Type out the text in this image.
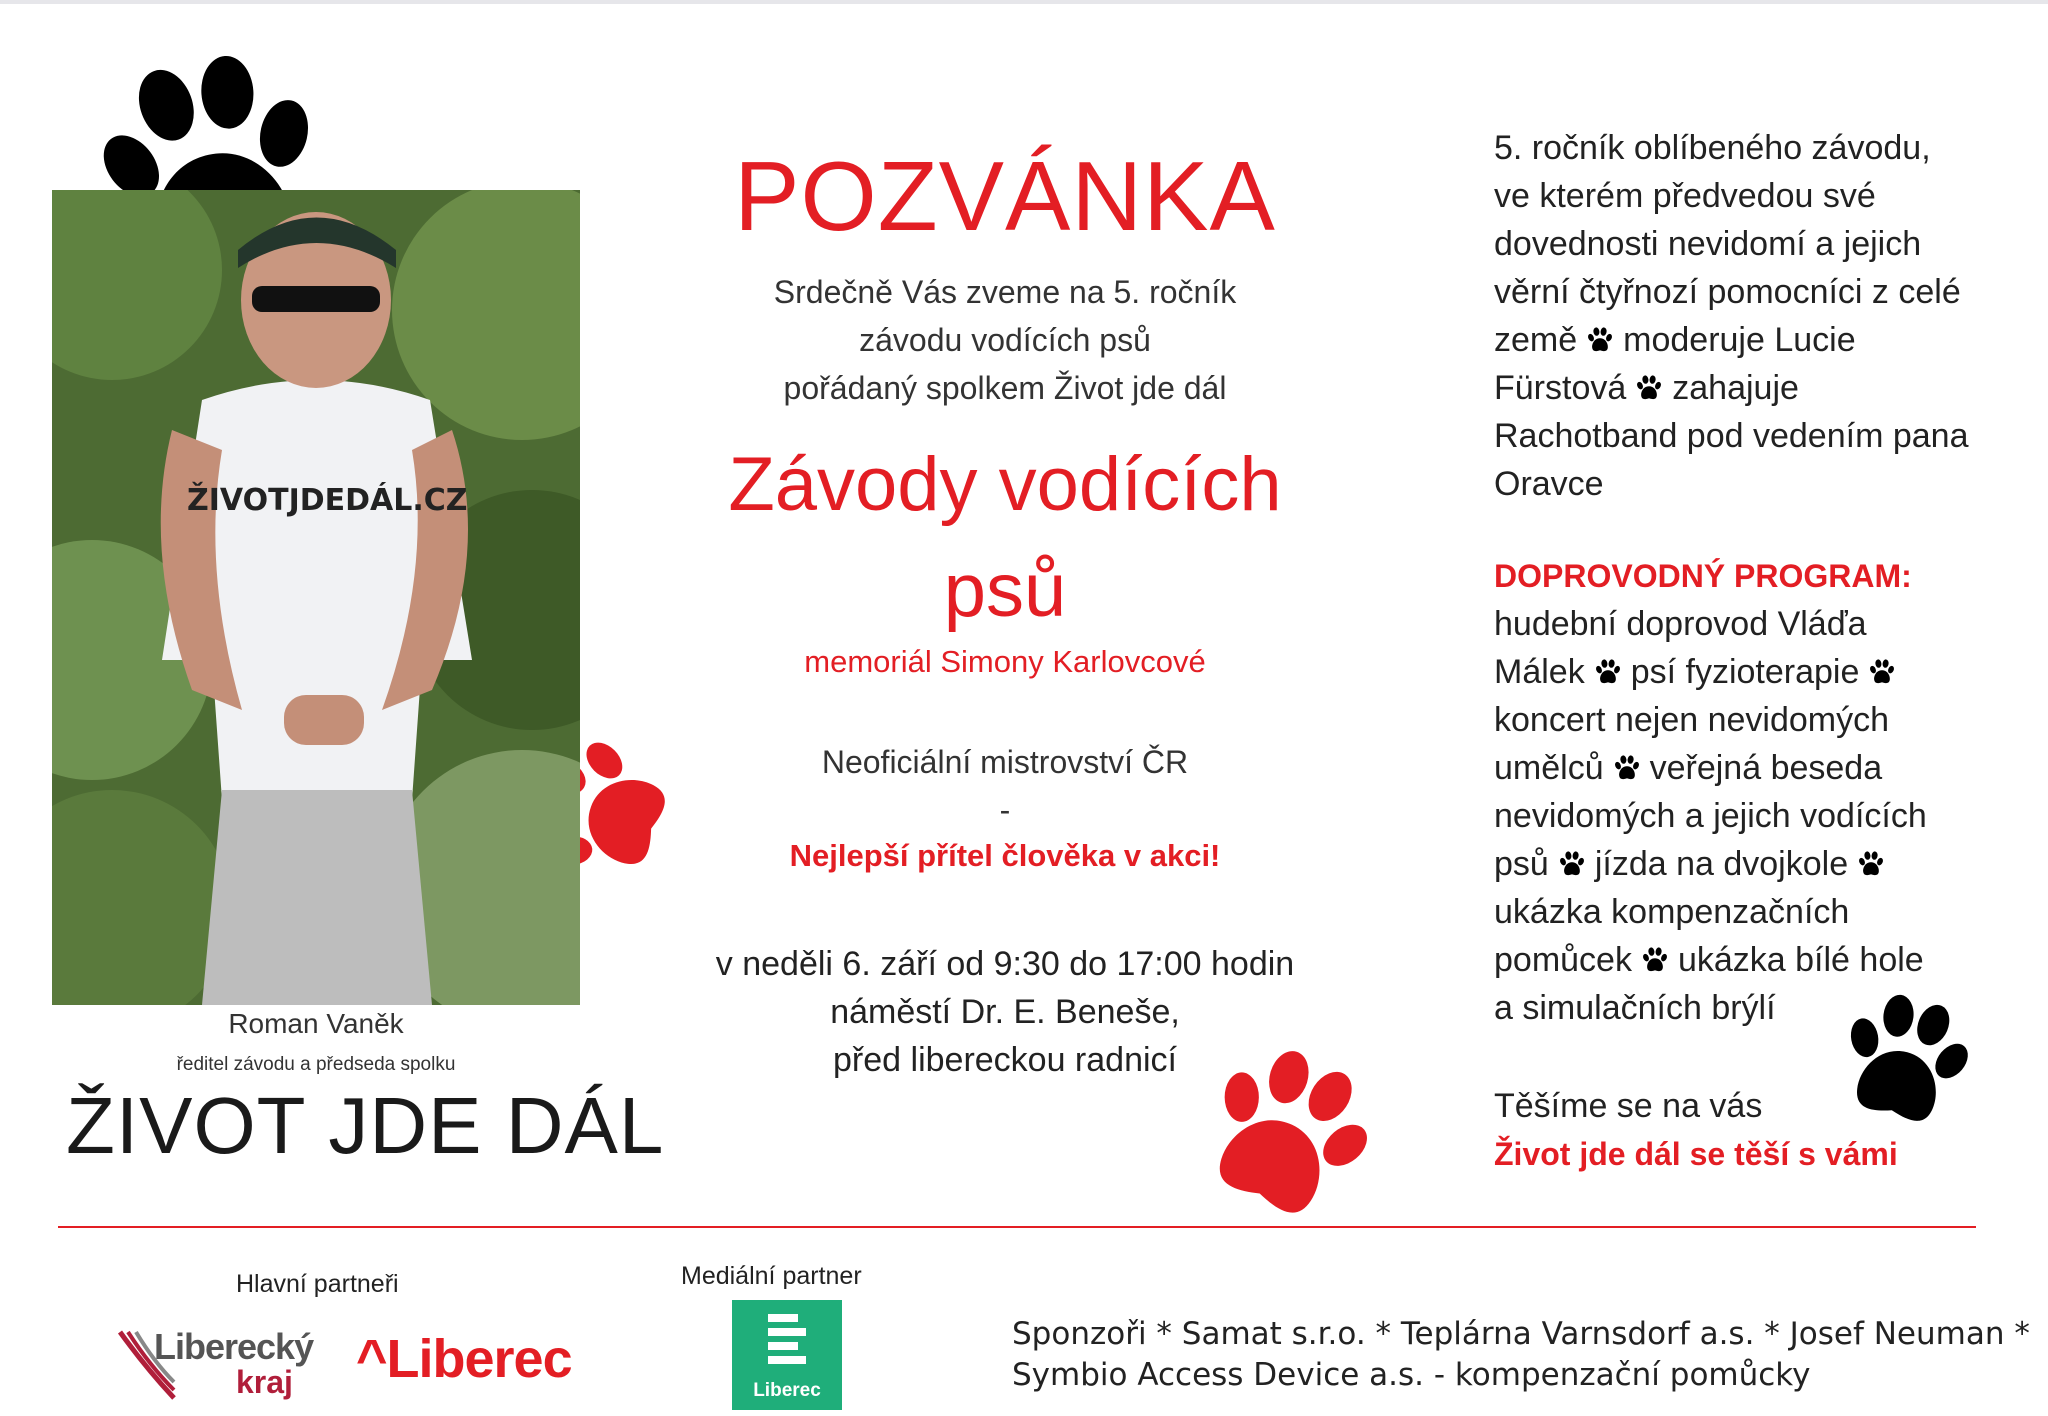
ŽIVOTJDEDÁL.CZ
Roman Vaněk
ředitel závodu a předseda spolku
ŽIVOT JDE DÁL
POZVÁNKA
Srdečně Vás zveme na 5. ročník
závodu vodících psů
pořádaný spolkem Život jde dál
Závody vodících
psů
memoriál Simony Karlovcové
Neoficiální mistrovství ČR
-
Nejlepší přítel člověka v akci!
v neděli 6. září od 9:30 do 17:00 hodin
náměstí Dr. E. Beneše,
před libereckou radnicí
5. ročník oblíbeného závodu,
ve kterém předvedou své
dovednosti nevidomí a jejich
věrní čtyřnozí pomocníci z celé
země moderuje Lucie
Fürstová zahajuje
Rachotband pod vedením pana
Oravce
DOPROVODNÝ PROGRAM:
hudební doprovod Vláďa
Málek psí fyzioterapie
koncert nejen nevidomých
umělců veřejná beseda
nevidomých a jejich vodících
psů jízda na dvojkole
ukázka kompenzačních
pomůcek ukázka bílé hole
a simulačních brýlí
Těšíme se na vás
Život jde dál se těší s vámi
Hlavní partneři	Mediální partner
Liberecký
kraj ^Liberec
Liberec
Sponzoři * Samat s.r.o. * Teplárna Varnsdorf a.s. * Josef Neuman *
Symbio Access Device a.s. - kompenzační pomůcky
